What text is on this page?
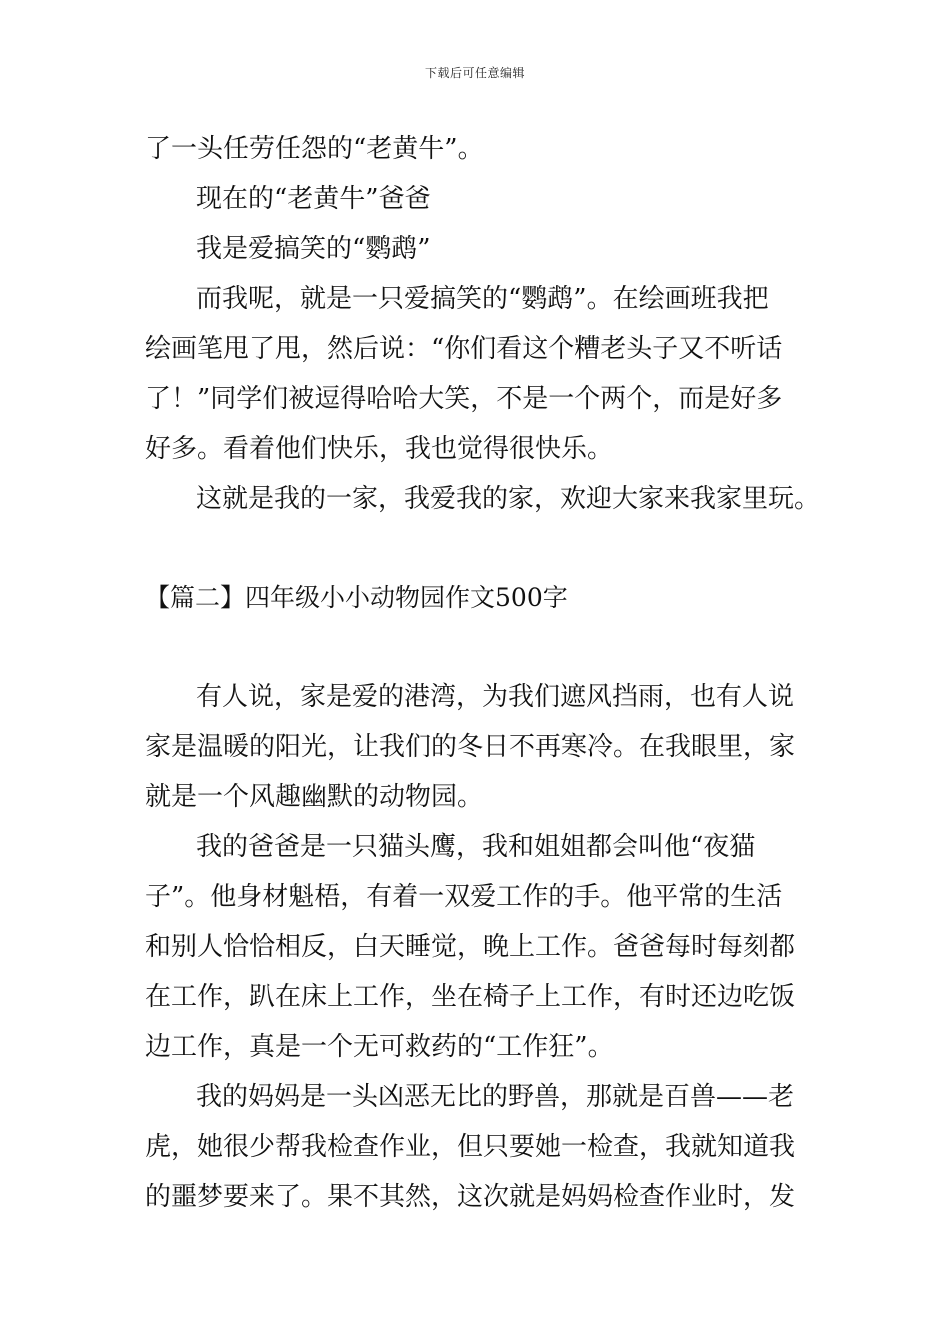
下载后可任意编辑
了一头任劳任怨的“老黄牛”。
现在的“老黄牛”爸爸
我是爱搞笑的“鹦鹉”
而我呢，就是一只爱搞笑的“鹦鹉”。在绘画班我把
绘画笔甩了甩，然后说：“你们看这个糟老头子又不听话
了！”同学们被逗得哈哈大笑，不是一个两个，而是好多
好多。看着他们快乐，我也觉得很快乐。
这就是我的一家，我爱我的家，欢迎大家来我家里玩。
【篇二】四年级小小动物园作文500字
有人说，家是爱的港湾，为我们遮风挡雨，也有人说
家是温暖的阳光，让我们的冬日不再寒冷。在我眼里，家
就是一个风趣幽默的动物园。
我的爸爸是一只猫头鹰，我和姐姐都会叫他“夜猫
子”。他身材魁梧，有着一双爱工作的手。他平常的生活
和别人恰恰相反，白天睡觉，晚上工作。爸爸每时每刻都
在工作，趴在床上工作，坐在椅子上工作，有时还边吃饭
边工作，真是一个无可救药的“工作狂”。
我的妈妈是一头凶恶无比的野兽，那就是百兽——老
虎，她很少帮我检查作业，但只要她一检查，我就知道我
的噩梦要来了。果不其然，这次就是妈妈检查作业时，发
